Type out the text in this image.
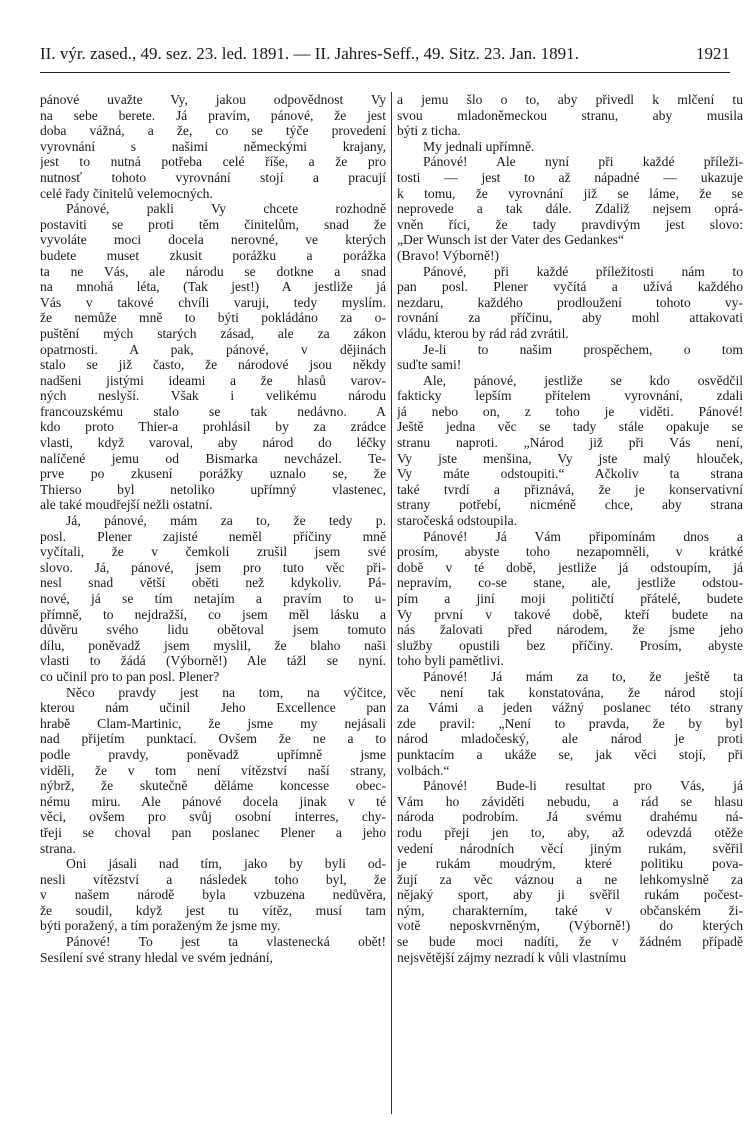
II. výr. zased., 49. sez. 23. led. 1891. — II. Jahres-Seff., 49. Sitz. 23. Jan. 1891.	1921
pánové uvažte Vy, jakou odpovědnost Vy
na sebe berete. Já pravím, pánové, že jest
doba vážná, a že, co se týče provedení
vyrovnání s našimi německými krajany,
jest to nutná potřeba celé říše, a že pro
nutnosť tohoto vyrovnání stojí a pracují
celé řady činitelů velemocných.
Pánové, pakli Vy chcete rozhodně
postaviti se proti těm činitelům, snad že
vyvoláte moci docela nerovné, ve kterých
budete muset zkusit porážku a porážka
ta ne Vás, ale národu se dotkne a snad
na mnohá léta, (Tak jest!) A jestliže já
Vás v takové chvíli varuji, tedy myslím.
že nemůže mně to býti pokládáno za o-
puštění mých starých zásad, ale za zákon
opatrnosti. A pak, pánové, v dějinách
stalo se již často, že národové jsou někdy
nadšeni jistými ideami a že hlasů varov-
ných neslyší. Však i velikému národu
francouzskému stalo se tak nedávno. A
kdo proto Thier-a prohlásil by za zrádce
vlasti, když varoval, aby národ do léčky
nalíčené jemu od Bismarka nevcházel. Te-
prve po zkusení porážky uznalo se, že
Thierso byl netoliko upřímný vlastenec,
ale také moudřejší nežli ostatní.
Já, pánové, mám za to, že tedy p.
posl. Plener zajisté neměl příčiny mně
vyčítali, že v čemkoli zrušil jsem své
slovo. Já, pánové, jsem pro tuto věc při-
nesl snad větší oběti než kdykoliv. Pá-
nové, já se tím netajím a pravím to u-
přímně, to nejdražší, co jsem měl lásku a
důvěru svého lidu obětoval jsem tomuto
dílu, poněvadž jsem myslil, že blaho naši
vlasti to žádá (Výborně!) Ale tážl se nyní.
co učinil pro to pan posl. Plener?
Něco pravdy jest na tom, na výčitce,
kterou nám učinil Jeho Excellence pan
hrabě Clam-Martinic, že jsme my nejásali
nad přijetím punktací. Ovšem že ne a to
podle pravdy, poněvadž upřímně jsme
viděli, že v tom není vítězství naší strany,
nýbrž, že skutečně děláme koncesse obec-
nému miru. Ale pánové docela jinak v té
věci, ovšem pro svůj osobní interres, chy-
třeji se choval pan poslanec Plener a jeho
strana.
Oni jásali nad tím, jako by byli od-
nesli vítězství a následek toho byl, že
v našem národě byla vzbuzena nedůvěra,
že soudil, když jest tu vítěz, musí tam
býti poražený, a tím poraženým že jsme my.
Pánové! To jest ta vlastenecká obět!
Sesílení své strany hledal ve svém jednání,
a jemu šlo o to, aby přivedl k mlčení tu
svou mladoněmeckou stranu, aby musila
býti z ticha.
My jednali upřímně.
Pánové! Ale nyní při každé příleži-
tosti — jest to až nápadné — ukazuje
k tomu, že vyrovnání již se láme, že se
neprovede a tak dále. Zdaliž nejsem oprá-
vněn říci, že tady pravdivým jest slovo:
„Der Wunsch ist der Vater des Gedankes“
(Bravo! Výborně!)
Pánové, při každé příležitosti nám to
pan posl. Plener vyčítá a užívá každého
nezdaru, každého prodloužení tohoto vy-
rovnání za příčinu, aby mohl attakovati
vládu, kterou by rád rád zvrátil.
Je-li to našim prospěchem, o tom
suďte sami!
Ale, pánové, jestliže se kdo osvědčil
fakticky lepším přítelem vyrovnání, zdali
já nebo on, z toho je viděti. Pánové!
Ještě jedna věc se tady stále opakuje se
stranu naproti. „Národ již při Vás není,
Vy jste menšina, Vy jste malý hlouček,
Vy máte odstoupiti.“ Ačkoliv ta strana
také tvrdí a přiznává, že je konservativní
strany potřebí, nicméně chce, aby strana
staročeská odstoupila.
Pánové! Já Vám připomínám dnos a
prosím, abyste toho nezapomněli, v krátké
době v té době, jestliže já odstoupím, já
nepravím, co-se stane, ale, jestliže odstou-
pím a jiní moji političtí přátelé, budete
Vy první v takové době, kteří budete na
nás žalovati před národem, že jsme jeho
služby opustili bez příčiny. Prosím, abyste
toho byli pamětlivi.
Pánové! Já mám za to, že ještě ta
věc není tak konstatována, že národ stojí
za Vámi a jeden vážný poslanec této strany
zde pravil: „Není to pravda, že by byl
národ mladočeský, ale národ je proti
punktacím a ukáže se, jak věci stojí, při
volbách.“
Pánové! Bude-li resultat pro Vás, já
Vám ho záviděti nebudu, a rád se hlasu
národa podrobím. Já svému drahému ná-
rodu přeji jen to, aby, až odevzdá otěže
vedení národních věcí jiným rukám, svěřil
je rukám moudrým, které politiku pova-
žují za věc váznou a ne lehkomyslně za
nějaký sport, aby ji svěřil rukám počest-
ným, charakterním, také v občanském ži-
votě neposkvrněným, (Výborně!) do kterých
se bude moci nadíti, že v žádném případě
nejsvětější zájmy nezradí k vůli vlastnímu
